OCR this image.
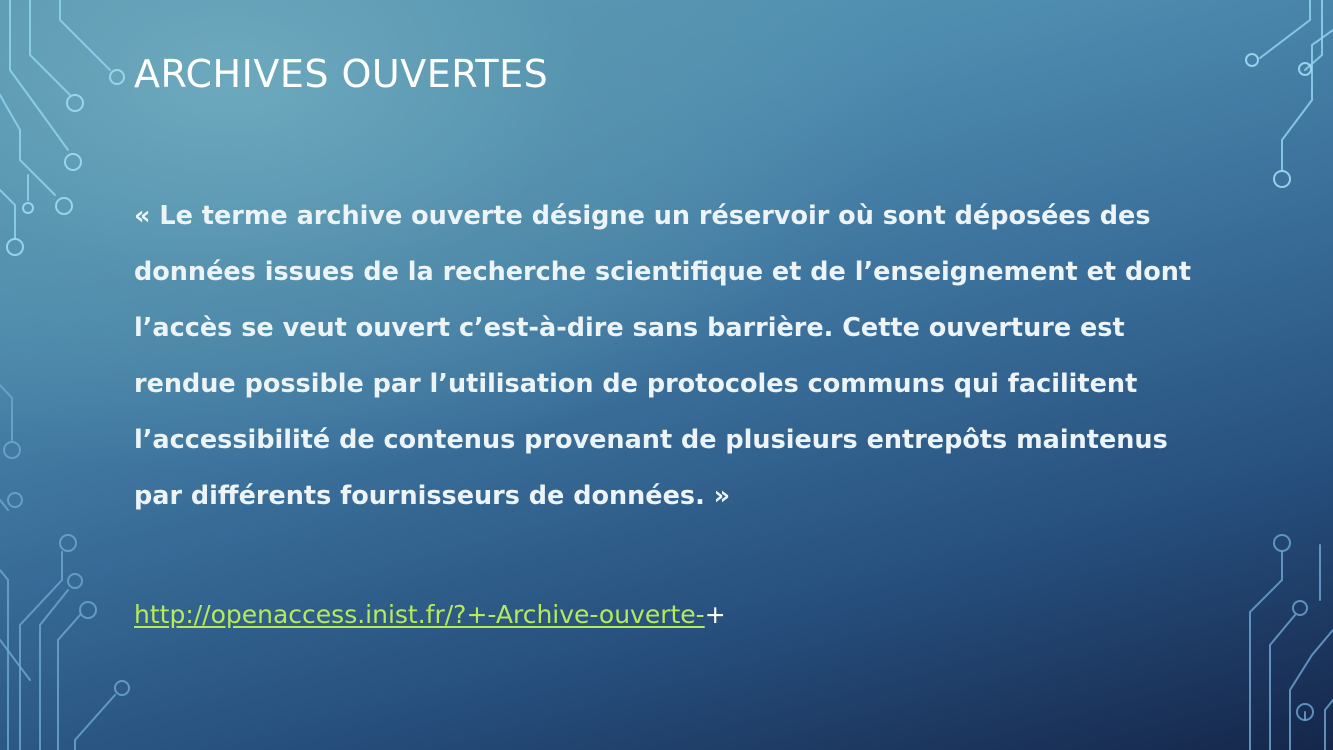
ARCHIVES OUVERTES

« Le terme archive ouverte désigne un réservoir où sont déposées des données issues de la recherche scientifique et de l’enseignement et dont l’accès se veut ouvert c’est-à-dire sans barrière. Cette ouverture est rendue possible par l’utilisation de protocoles communs qui facilitent l’accessibilité de contenus provenant de plusieurs entrepôts maintenus par différents fournisseurs de données. »

http://openaccess.inist.fr/?+-Archive-ouverte-+
